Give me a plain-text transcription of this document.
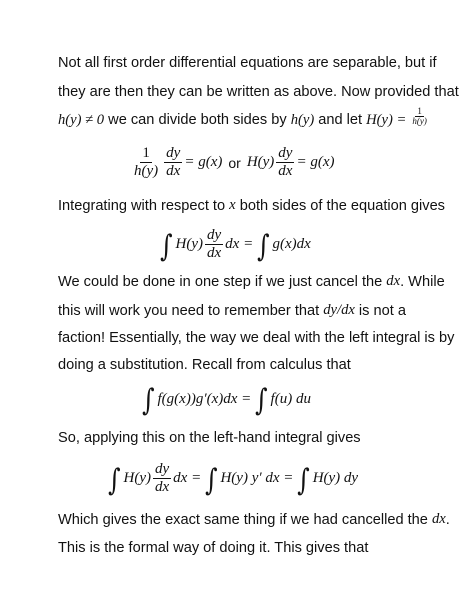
Not all first order differential equations are separable, but if
they are then they can be written as above. Now provided that
h(y) ≠ 0 we can divide both sides by h(y) and let $H(y) = \frac{1}{h(y)}$
$\frac{1}{h(y)} \frac{dy}{dx} = g(x)$ or $H(y) \frac{dy}{dx} = g(x)$
Integrating with respect to x both sides of the equation gives
∫ $H(y) \frac{dy}{dx}$ dx = ∫ g(x)dx
We could be done in one step if we just cancel the dx . While
this will work you need to remember that dy/dx is not a
faction! Essentially, the way we deal with the left integral is by
doing a substitution. Recall from calculus that
∫ f(g(x))g′(x)dx = ∫ f(u) du
So, applying this on the left-hand integral gives
∫ $H(y) \frac{dy}{dx}$ dx = ∫ H(y) y′ dx = ∫ H(y) dy
Which gives the exact same thing if we had cancelled the dx .
This is the formal way of doing it. This gives that
